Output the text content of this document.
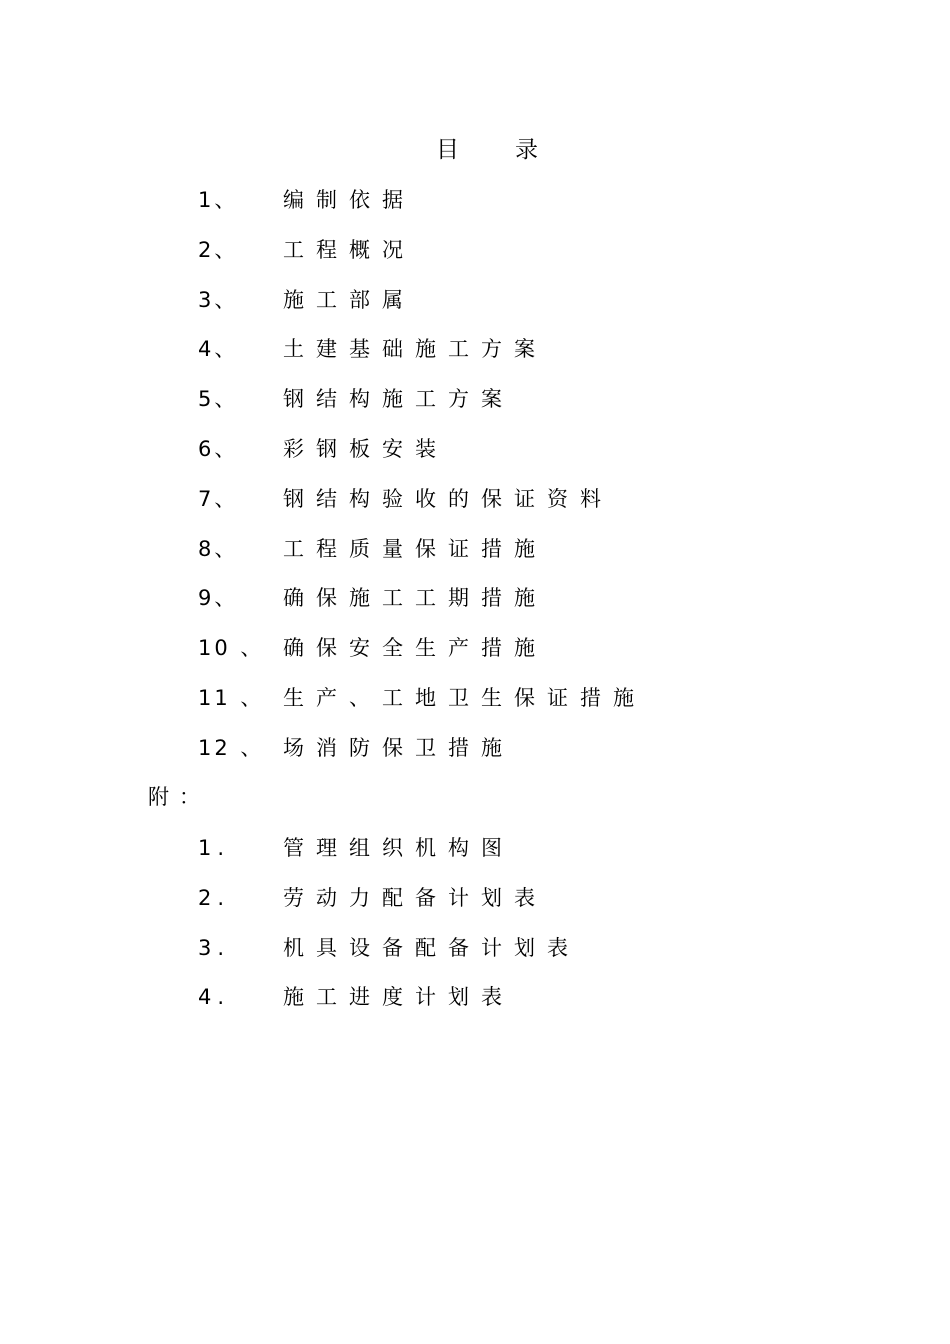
目 录
1、 编制依据
2、 工程概况
3、 施工部属
4、 土建基础施工方案
5、 钢结构施工方案
6、 彩钢板安装
7、 钢结构验收的保证资料
8、 工程质量保证措施
9、 确保施工工期措施
10 、 确保安全生产措施
11 、 生产、工地卫生保证措施
12 、 场消防保卫措施
附：
1.	管理组织机构图
2.	劳动力配备计划表
3.	机具设备配备计划表
4.	施工进度计划表
